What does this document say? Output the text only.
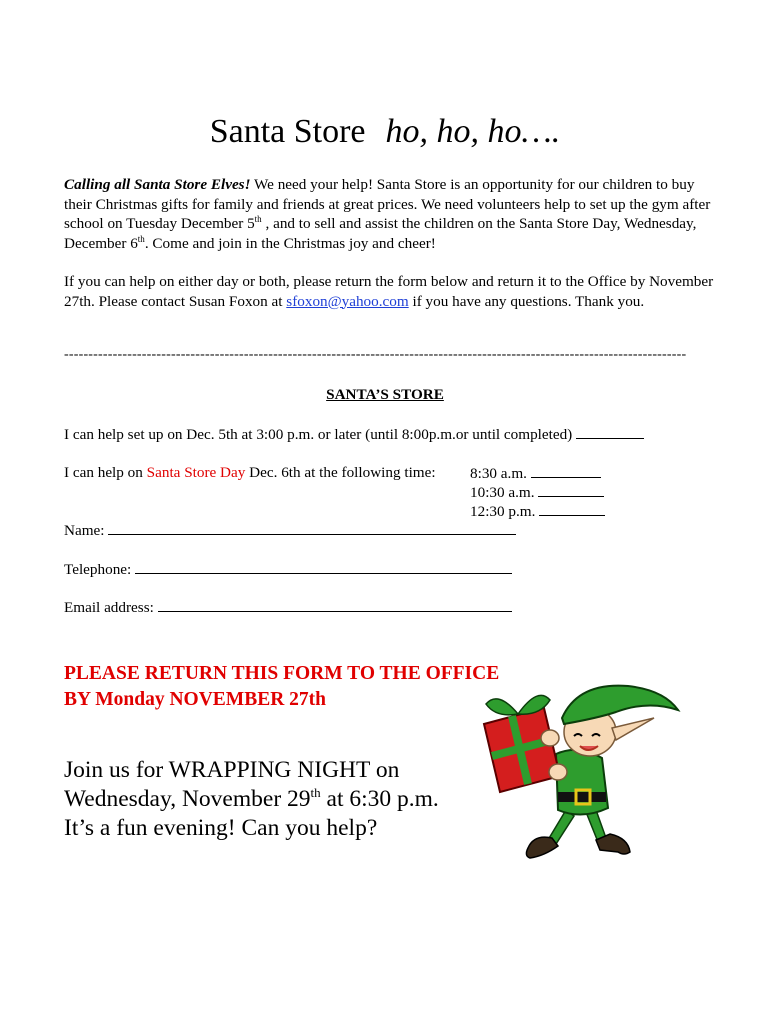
Santa Store ho, ho, ho….
Calling all Santa Store Elves! We need your help! Santa Store is an opportunity for our children to buy their Christmas gifts for family and friends at great prices. We need volunteers help to set up the gym after school on Tuesday December 5th , and to sell and assist the children on the Santa Store Day, Wednesday, December 6th. Come and join in the Christmas joy and cheer!
If you can help on either day or both, please return the form below and return it to the Office by November 27th. Please contact Susan Foxon at sfoxon@yahoo.com if you have any questions. Thank you.
--------------------------------------------------------------------------------------------------------------------------------
SANTA’S STORE
I can help set up on Dec. 5th at 3:00 p.m. or later (until 8:00p.m.or until completed)
I can help on Santa Store Day Dec. 6th at the following time: 8:30 a.m.
10:30 a.m.
12:30 p.m.
Name:
Telephone:
Email address:
PLEASE RETURN THIS FORM TO THE OFFICE
BY Monday NOVEMBER 27th
Join us for WRAPPING NIGHT on
Wednesday, November 29th at 6:30 p.m.
It’s a fun evening! Can you help?
